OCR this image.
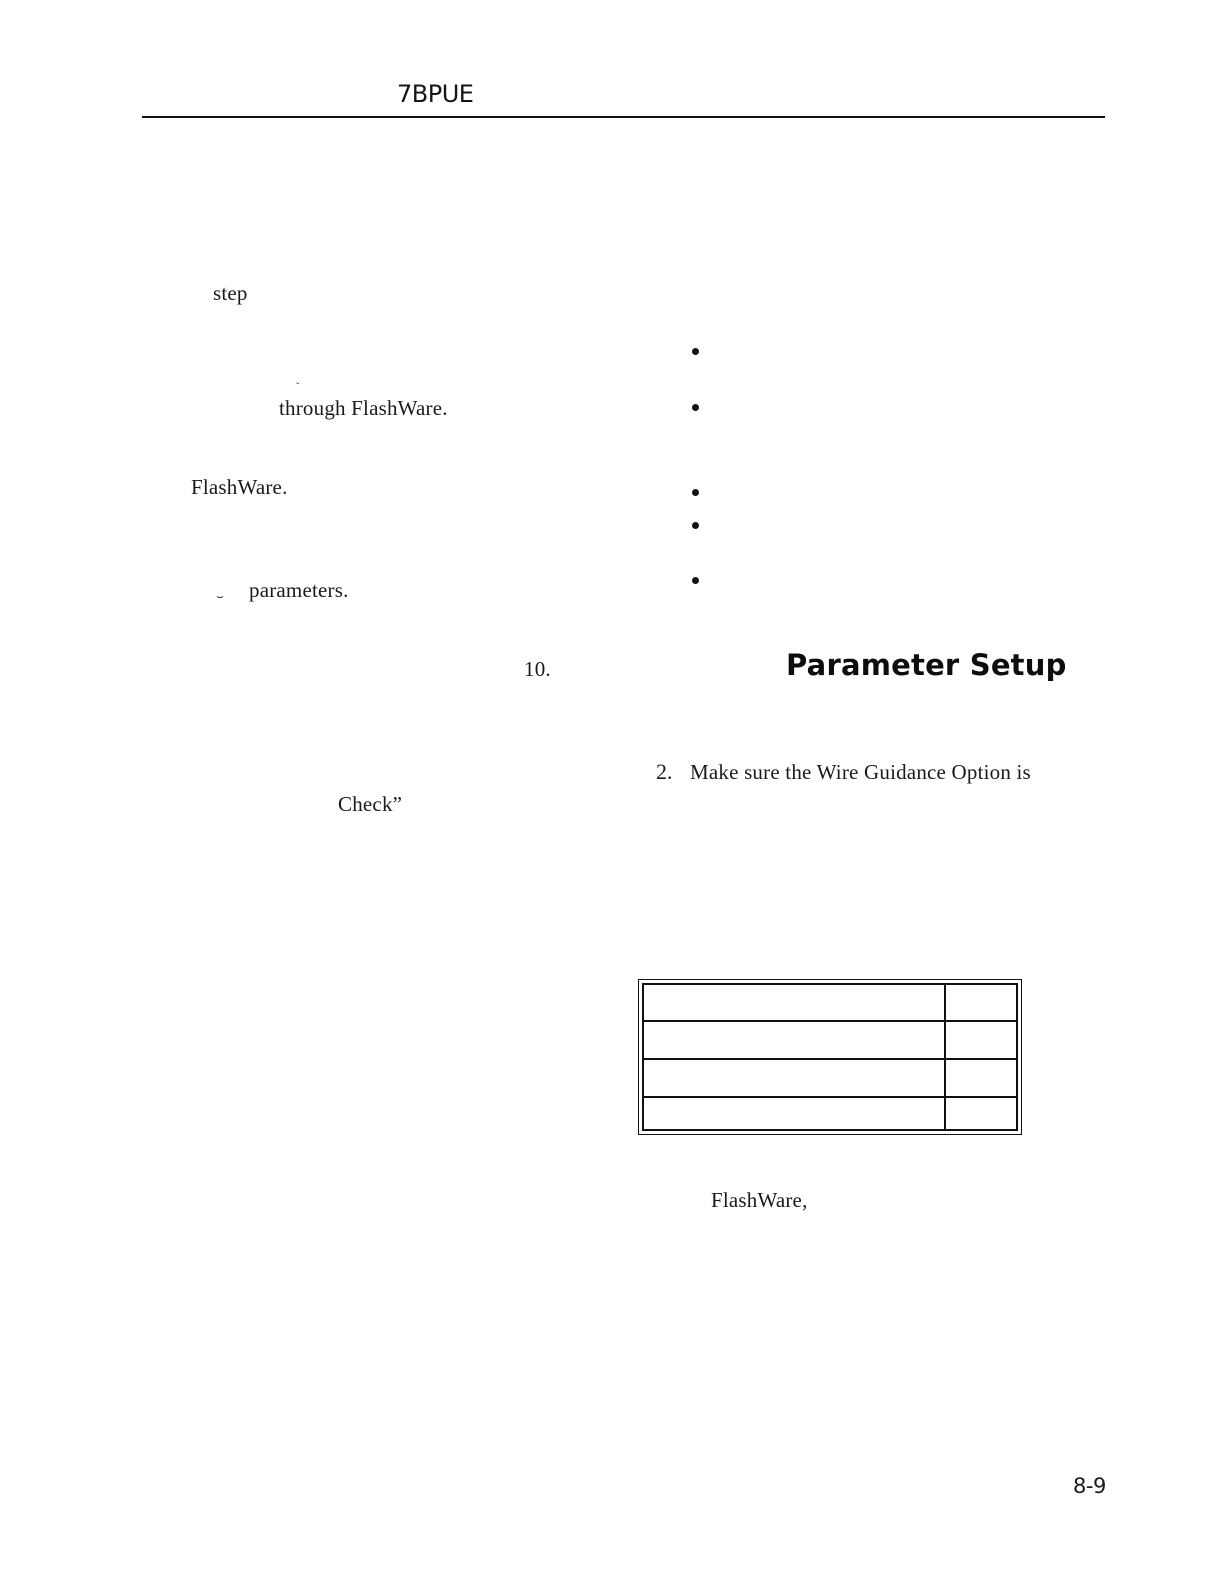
7BPUE
step
ˇ
through FlashWare.
FlashWare.
⌣ parameters.
10.
Check”
Parameter Setup
2. Make sure the Wire Guidance Option is
FlashWare,
8-9
